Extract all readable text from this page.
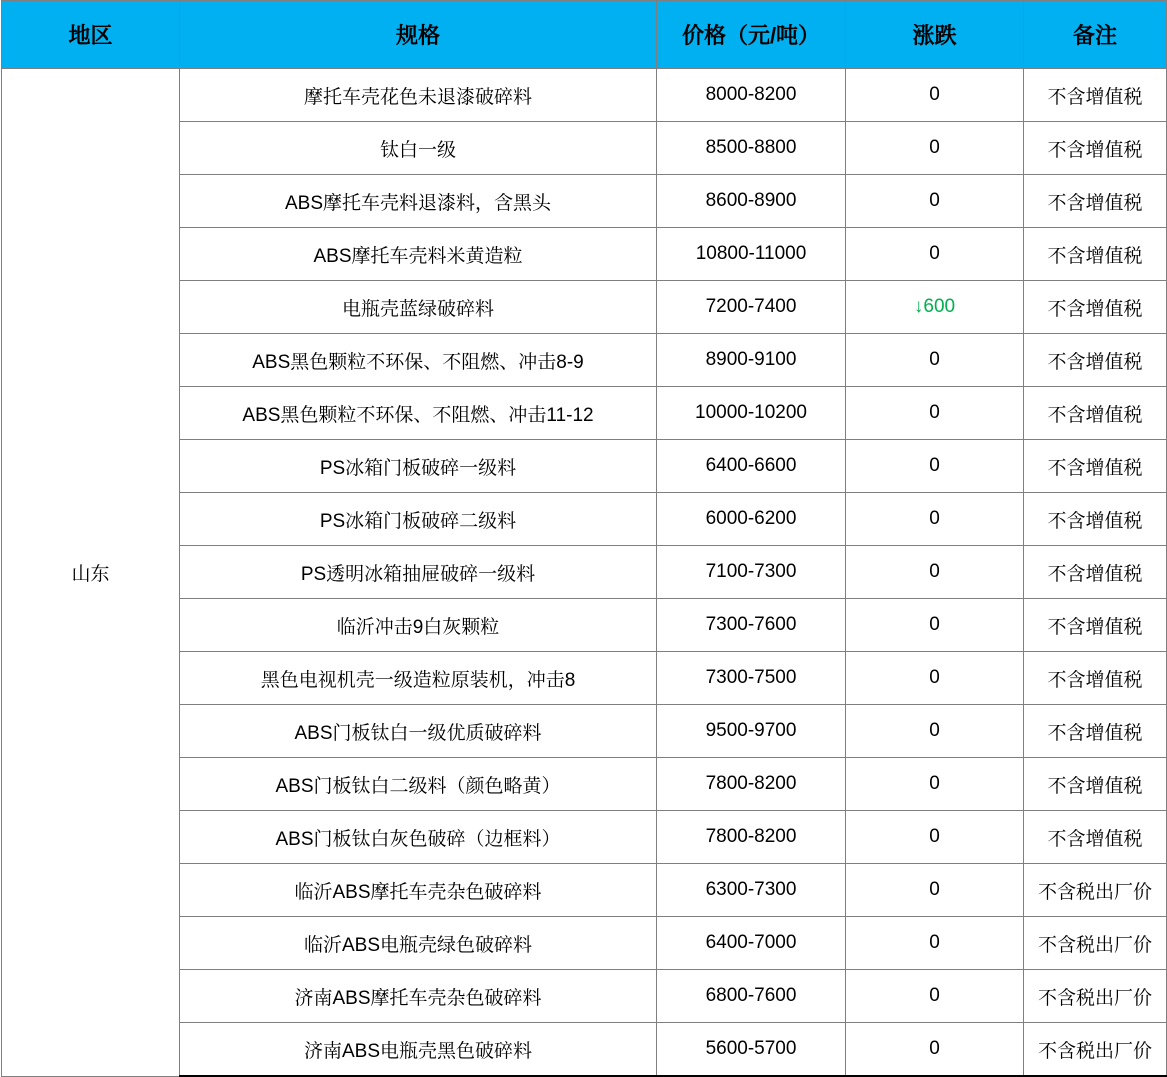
地区	规格	价格（元/吨）	涨跌	备注
山东	摩托车壳花色未退漆破碎料	8000-8200	0	不含增值税
	钛白一级	8500-8800	0	不含增值税
	ABS摩托车壳料退漆料，含黑头	8600-8900	0	不含增值税
	ABS摩托车壳料米黄造粒	10800-11000	0	不含增值税
	电瓶壳蓝绿破碎料	7200-7400	↓600	不含增值税
	ABS黑色颗粒不环保、不阻燃、冲击8-9	8900-9100	0	不含增值税
	ABS黑色颗粒不环保、不阻燃、冲击11-12	10000-10200	0	不含增值税
	PS冰箱门板破碎一级料	6400-6600	0	不含增值税
	PS冰箱门板破碎二级料	6000-6200	0	不含增值税
	PS透明冰箱抽屉破碎一级料	7100-7300	0	不含增值税
	临沂冲击9白灰颗粒	7300-7600	0	不含增值税
	黑色电视机壳一级造粒原装机，冲击8	7300-7500	0	不含增值税
	ABS门板钛白一级优质破碎料	9500-9700	0	不含增值税
	ABS门板钛白二级料（颜色略黄）	7800-8200	0	不含增值税
	ABS门板钛白灰色破碎（边框料）	7800-8200	0	不含增值税
	临沂ABS摩托车壳杂色破碎料	6300-7300	0	不含税出厂价
	临沂ABS电瓶壳绿色破碎料	6400-7000	0	不含税出厂价
	济南ABS摩托车壳杂色破碎料	6800-7600	0	不含税出厂价
	济南ABS电瓶壳黑色破碎料	5600-5700	0	不含税出厂价
